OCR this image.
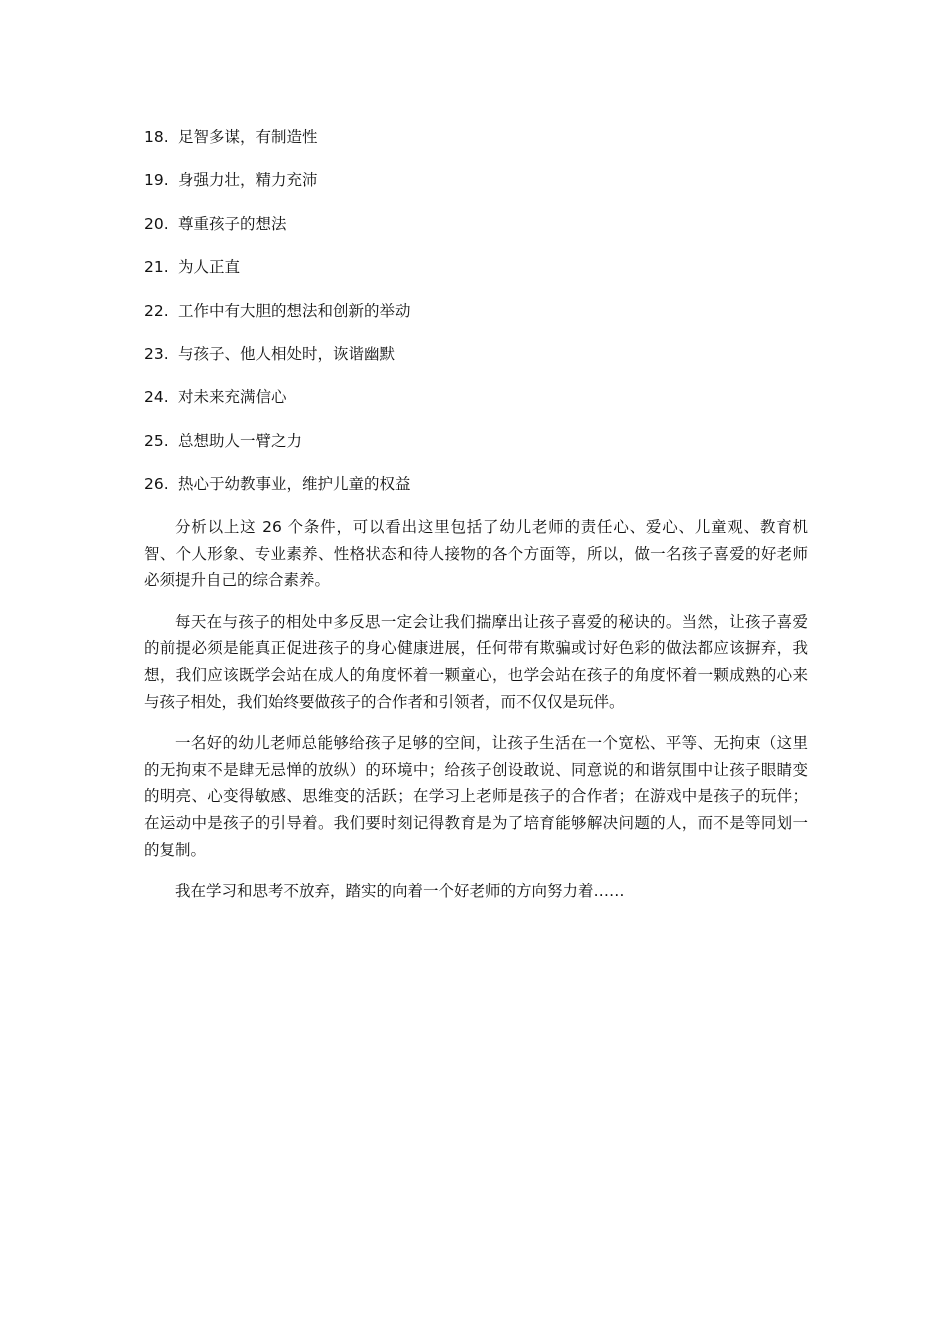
18. 足智多谋，有制造性
19. 身强力壮，精力充沛
20. 尊重孩子的想法
21. 为人正直
22. 工作中有大胆的想法和创新的举动
23. 与孩子、他人相处时，诙谐幽默
24. 对未来充满信心
25. 总想助人一臂之力
26. 热心于幼教事业，维护儿童的权益

分析以上这 26 个条件，可以看出这里包括了幼儿老师的责任心、爱心、儿童观、教育机智、个人形象、专业素养、性格状态和待人接物的各个方面等，所以，做一名孩子喜爱的好老师必须提升自己的综合素养。

每天在与孩子的相处中多反思一定会让我们揣摩出让孩子喜爱的秘诀的。当然，让孩子喜爱的前提必须是能真正促进孩子的身心健康进展，任何带有欺骗或讨好色彩的做法都应该摒弃，我想，我们应该既学会站在成人的角度怀着一颗童心，也学会站在孩子的角度怀着一颗成熟的心来与孩子相处，我们始终要做孩子的合作者和引领者，而不仅仅是玩伴。

一名好的幼儿老师总能够给孩子足够的空间，让孩子生活在一个宽松、平等、无拘束（这里的无拘束不是肆无忌惮的放纵）的环境中；给孩子创设敢说、同意说的和谐氛围中让孩子眼睛变的明亮、心变得敏感、思维变的活跃；在学习上老师是孩子的合作者；在游戏中是孩子的玩伴；在运动中是孩子的引导着。我们要时刻记得教育是为了培育能够解决问题的人，而不是等同划一的复制。

我在学习和思考不放弃，踏实的向着一个好老师的方向努力着……
